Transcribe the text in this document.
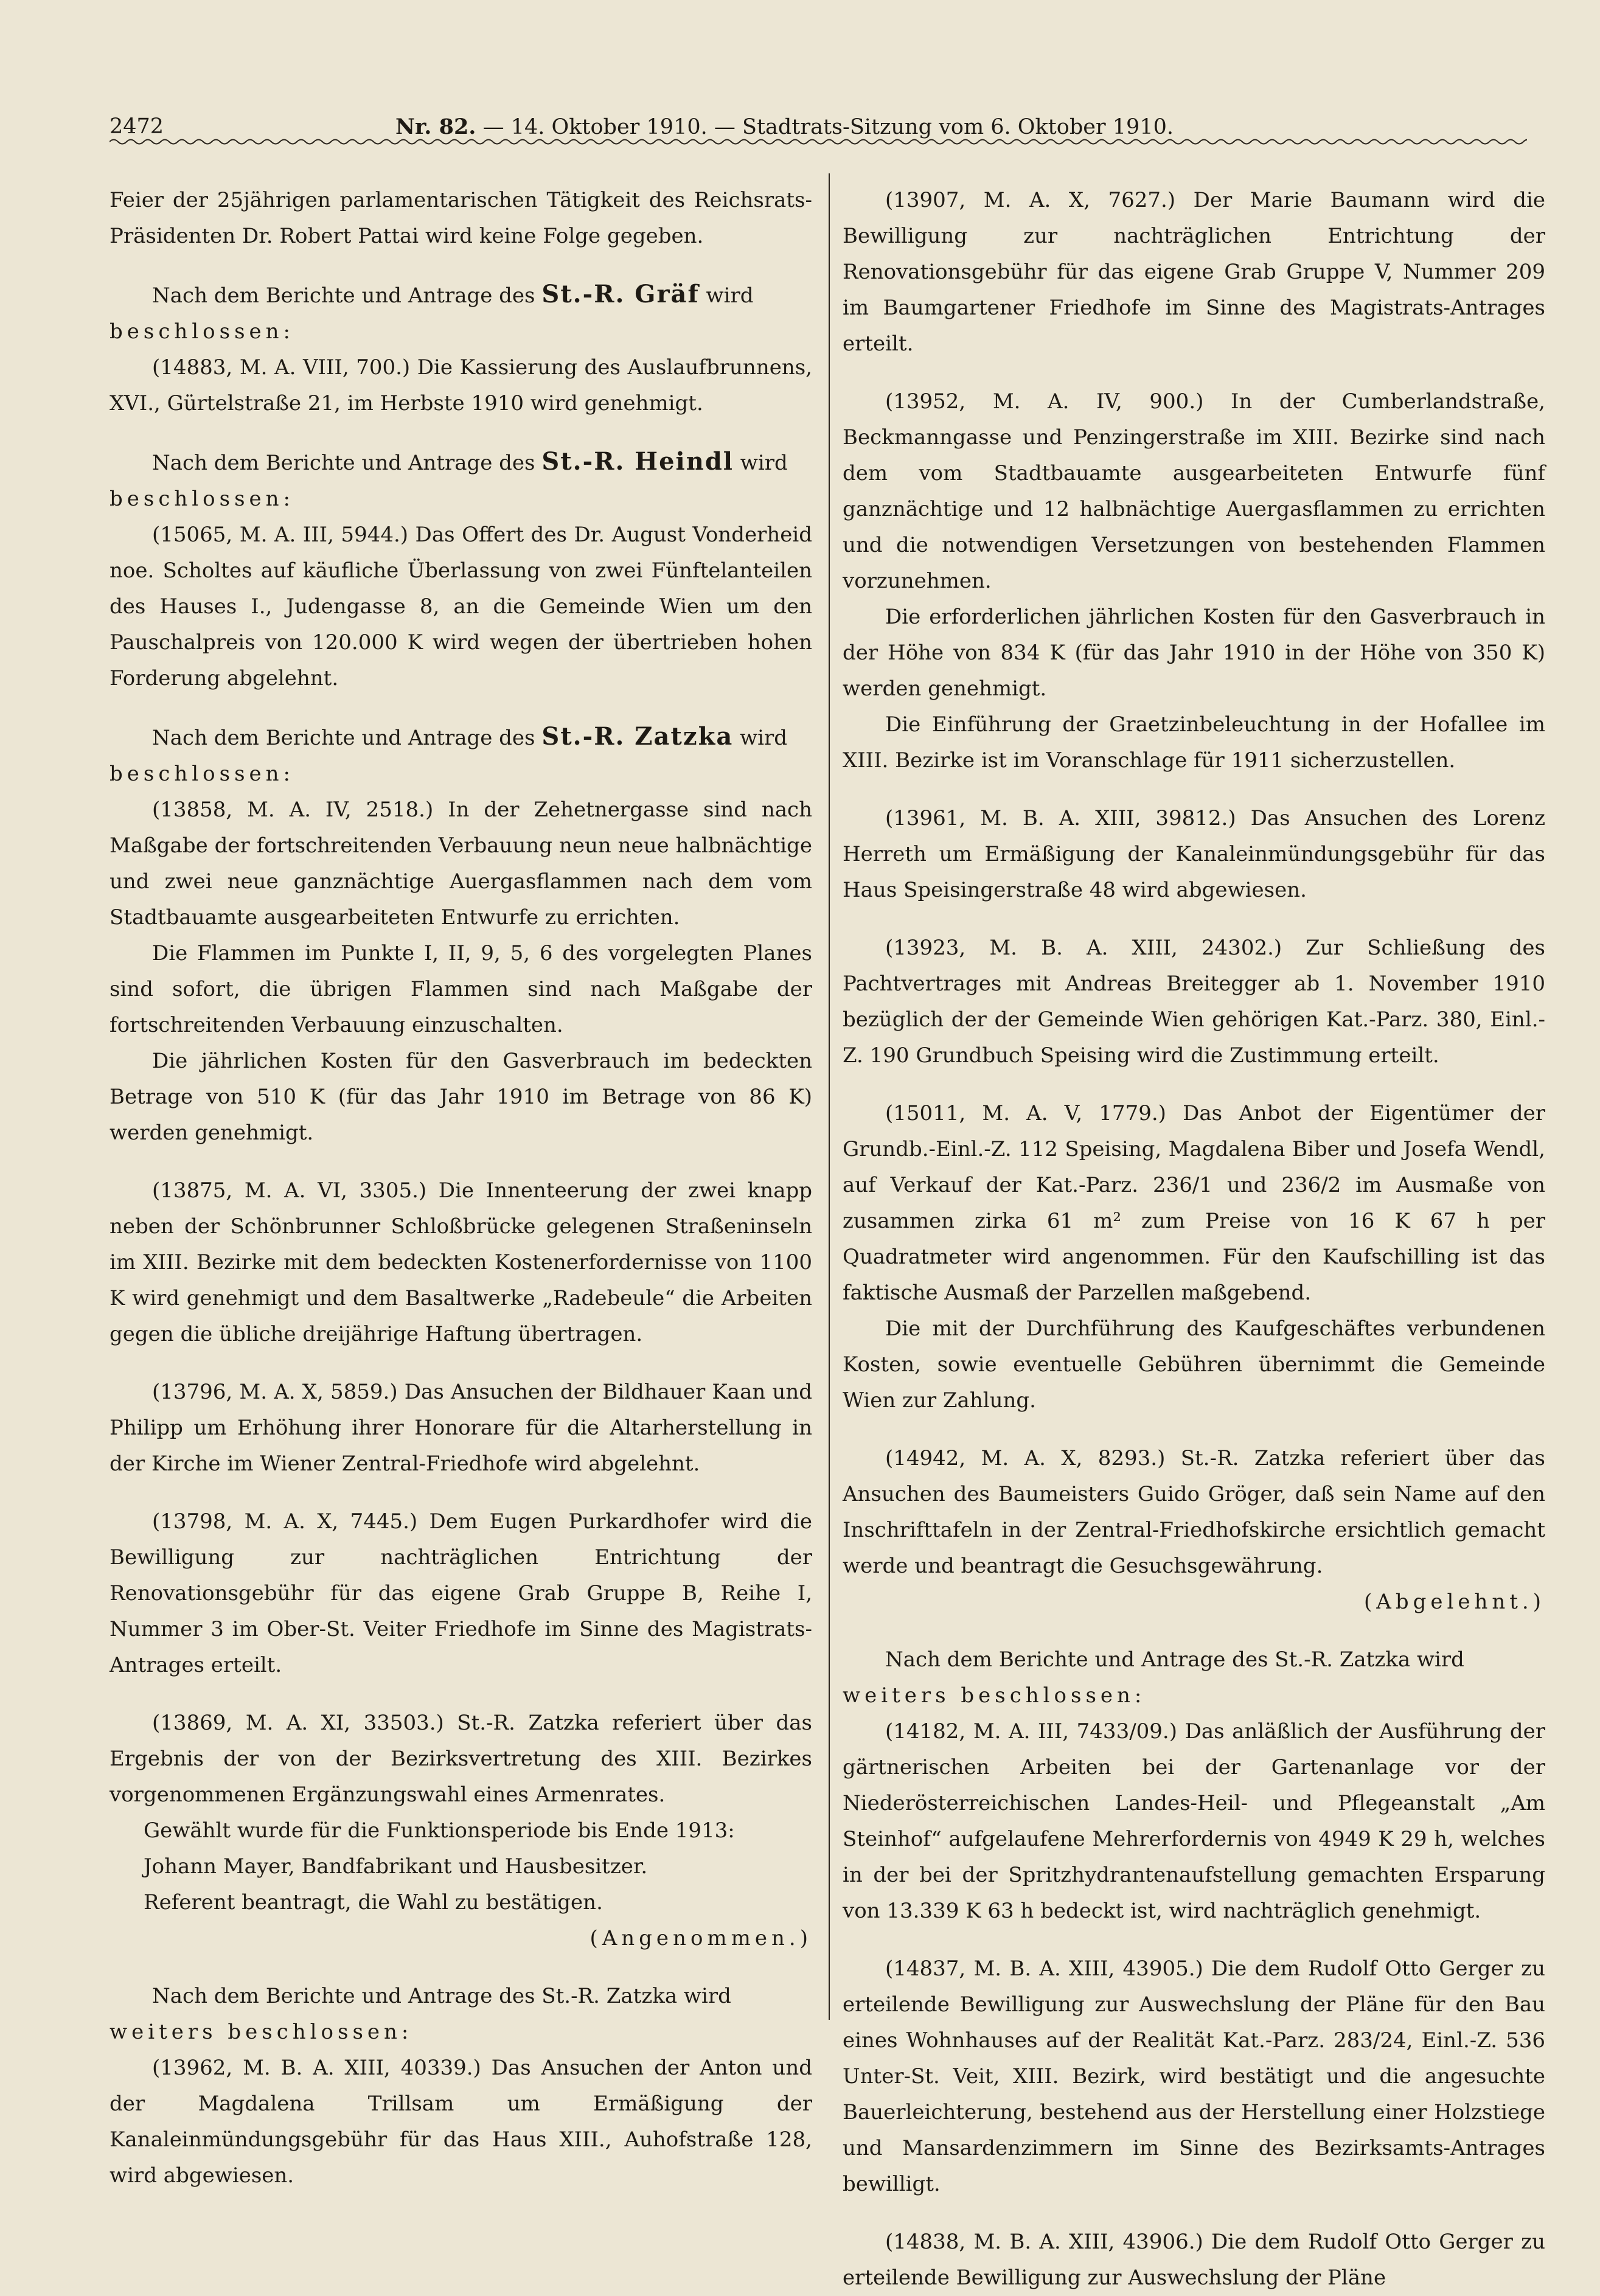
2472	Nr. 82. — 14. Oktober 1910. — Stadtrats-Sitzung vom 6. Oktober 1910.

Feier der 25jährigen parlamentarischen Tätigkeit des Reichsrats-Präsidenten Dr. Robert Pattai wird keine Folge gegeben.

Nach dem Berichte und Antrage des St.-R. Gräf wird

beschlossen:

(14883, M. A. VIII, 700.) Die Kassierung des Auslaufbrunnens, XVI., Gürtelstraße 21, im Herbste 1910 wird genehmigt.

Nach dem Berichte und Antrage des St.-R. Heindl wird

beschlossen:

(15065, M. A. III, 5944.) Das Offert des Dr. August Vonderheid noe. Scholtes auf käufliche Überlassung von zwei Fünftelanteilen des Hauses I., Judengasse 8, an die Gemeinde Wien um den Pauschalpreis von 120.000 K wird wegen der übertrieben hohen Forderung abgelehnt.

Nach dem Berichte und Antrage des St.-R. Zatzka wird

beschlossen:

(13858, M. A. IV, 2518.) In der Zehetnergasse sind nach Maßgabe der fortschreitenden Verbauung neun neue halbnächtige und zwei neue ganznächtige Auergasflammen nach dem vom Stadtbauamte ausgearbeiteten Entwurfe zu errichten.

Die Flammen im Punkte I, II, 9, 5, 6 des vorgelegten Planes sind sofort, die übrigen Flammen sind nach Maßgabe der fortschreitenden Verbauung einzuschalten.

Die jährlichen Kosten für den Gasverbrauch im bedeckten Betrage von 510 K (für das Jahr 1910 im Betrage von 86 K) werden genehmigt.

(13875, M. A. VI, 3305.) Die Innenteerung der zwei knapp neben der Schönbrunner Schloßbrücke gelegenen Straßeninseln im XIII. Bezirke mit dem bedeckten Kostenerfordernisse von 1100 K wird genehmigt und dem Basaltwerke „Radebeule“ die Arbeiten gegen die übliche dreijährige Haftung übertragen.

(13796, M. A. X, 5859.) Das Ansuchen der Bildhauer Kaan und Philipp um Erhöhung ihrer Honorare für die Altarherstellung in der Kirche im Wiener Zentral-Friedhofe wird abgelehnt.

(13798, M. A. X, 7445.) Dem Eugen Purkardhofer wird die Bewilligung zur nachträglichen Entrichtung der Renovationsgebühr für das eigene Grab Gruppe B, Reihe I, Nummer 3 im Ober-St. Veiter Friedhofe im Sinne des Magistrats-Antrages erteilt.

(13869, M. A. XI, 33503.) St.-R. Zatzka referiert über das Ergebnis der von der Bezirksvertretung des XIII. Bezirkes vorgenommenen Ergänzungswahl eines Armenrates.

Gewählt wurde für die Funktionsperiode bis Ende 1913:

Johann Mayer, Bandfabrikant und Hausbesitzer.

Referent beantragt, die Wahl zu bestätigen.

(Angenommen.)

Nach dem Berichte und Antrage des St.-R. Zatzka wird

weiters beschlossen:

(13962, M. B. A. XIII, 40339.) Das Ansuchen der Anton und der Magdalena Trillsam um Ermäßigung der Kanaleinmündungsgebühr für das Haus XIII., Auhofstraße 128, wird abgewiesen.

(13907, M. A. X, 7627.) Der Marie Baumann wird die Bewilligung zur nachträglichen Entrichtung der Renovationsgebühr für das eigene Grab Gruppe V, Nummer 209 im Baumgartener Friedhofe im Sinne des Magistrats-Antrages erteilt.

(13952, M. A. IV, 900.) In der Cumberlandstraße, Beckmanngasse und Penzingerstraße im XIII. Bezirke sind nach dem vom Stadtbauamte ausgearbeiteten Entwurfe fünf ganznächtige und 12 halbnächtige Auergasflammen zu errichten und die notwendigen Versetzungen von bestehenden Flammen vorzunehmen.

Die erforderlichen jährlichen Kosten für den Gasverbrauch in der Höhe von 834 K (für das Jahr 1910 in der Höhe von 350 K) werden genehmigt.

Die Einführung der Graetzinbeleuchtung in der Hofallee im XIII. Bezirke ist im Voranschlage für 1911 sicherzustellen.

(13961, M. B. A. XIII, 39812.) Das Ansuchen des Lorenz Herreth um Ermäßigung der Kanaleinmündungsgebühr für das Haus Speisingerstraße 48 wird abgewiesen.

(13923, M. B. A. XIII, 24302.) Zur Schließung des Pachtvertrages mit Andreas Breitegger ab 1. November 1910 bezüglich der der Gemeinde Wien gehörigen Kat.-Parz. 380, Einl.-Z. 190 Grundbuch Speising wird die Zustimmung erteilt.

(15011, M. A. V, 1779.) Das Anbot der Eigentümer der Grundb.-Einl.-Z. 112 Speising, Magdalena Biber und Josefa Wendl, auf Verkauf der Kat.-Parz. 236/1 und 236/2 im Ausmaße von zusammen zirka 61 m² zum Preise von 16 K 67 h per Quadratmeter wird angenommen. Für den Kaufschilling ist das faktische Ausmaß der Parzellen maßgebend.

Die mit der Durchführung des Kaufgeschäftes verbundenen Kosten, sowie eventuelle Gebühren übernimmt die Gemeinde Wien zur Zahlung.

(14942, M. A. X, 8293.) St.-R. Zatzka referiert über das Ansuchen des Baumeisters Guido Gröger, daß sein Name auf den Inschrifttafeln in der Zentral-Friedhofskirche ersichtlich gemacht werde und beantragt die Gesuchsgewährung.

(Abgelehnt.)

Nach dem Berichte und Antrage des St.-R. Zatzka wird

weiters beschlossen:

(14182, M. A. III, 7433/09.) Das anläßlich der Ausführung der gärtnerischen Arbeiten bei der Gartenanlage vor der Niederösterreichischen Landes-Heil- und Pflegeanstalt „Am Steinhof“ aufgelaufene Mehrerfordernis von 4949 K 29 h, welches in der bei der Spritzhydrantenaufstellung gemachten Ersparung von 13.339 K 63 h bedeckt ist, wird nachträglich genehmigt.

(14837, M. B. A. XIII, 43905.) Die dem Rudolf Otto Gerger zu erteilende Bewilligung zur Auswechslung der Pläne für den Bau eines Wohnhauses auf der Realität Kat.-Parz. 283/24, Einl.-Z. 536 Unter-St. Veit, XIII. Bezirk, wird bestätigt und die angesuchte Bauerleichterung, bestehend aus der Herstellung einer Holzstiege und Mansardenzimmern im Sinne des Bezirksamts-Antrages bewilligt.

(14838, M. B. A. XIII, 43906.) Die dem Rudolf Otto Gerger zu erteilende Bewilligung zur Auswechslung der Pläne
